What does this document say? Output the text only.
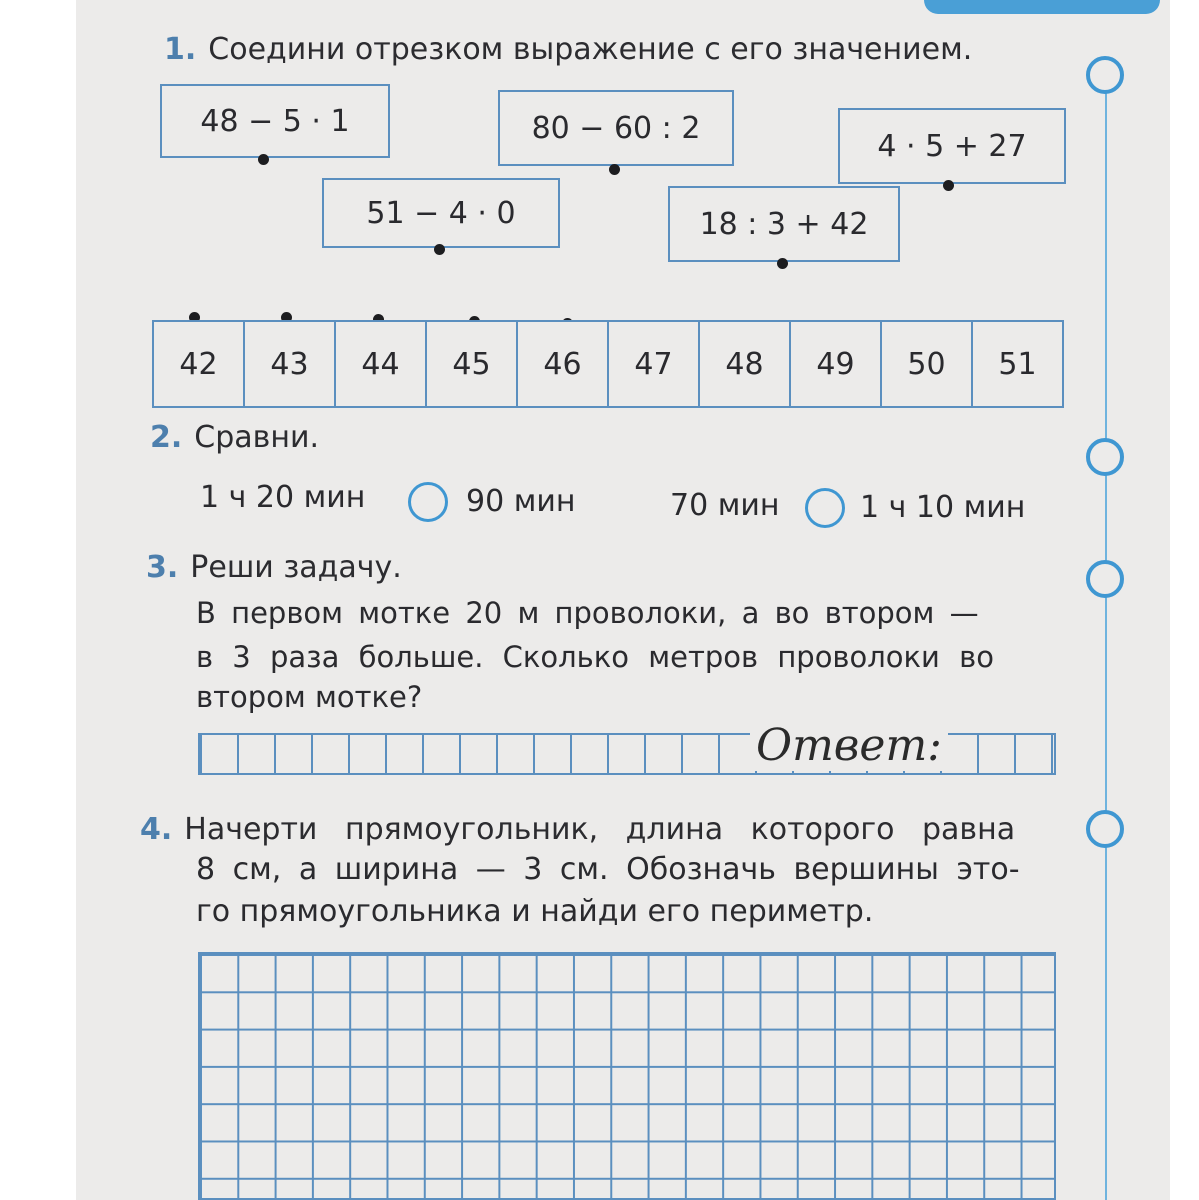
1. Соедини отрезком выражение с его значением.
48 − 5 · 1	80 − 60 : 2
4 · 5 + 27
51 − 4 · 0	18 : 3 + 42
42	43	44	45	46	47	48	49	50	51
2. Сравни.
1 ч 20 мин	90 мин	70 мин	1 ч 10 мин
3. Реши задачу.
В первом мотке 20 м проволоки, а во втором —
в 3 раза больше. Сколько метров проволоки во
втором мотке?
Ответ:
4. Начерти прямоугольник, длина которого равна
8 см, а ширина — 3 см. Обозначь вершины это-
го прямоугольника и найди его периметр.
